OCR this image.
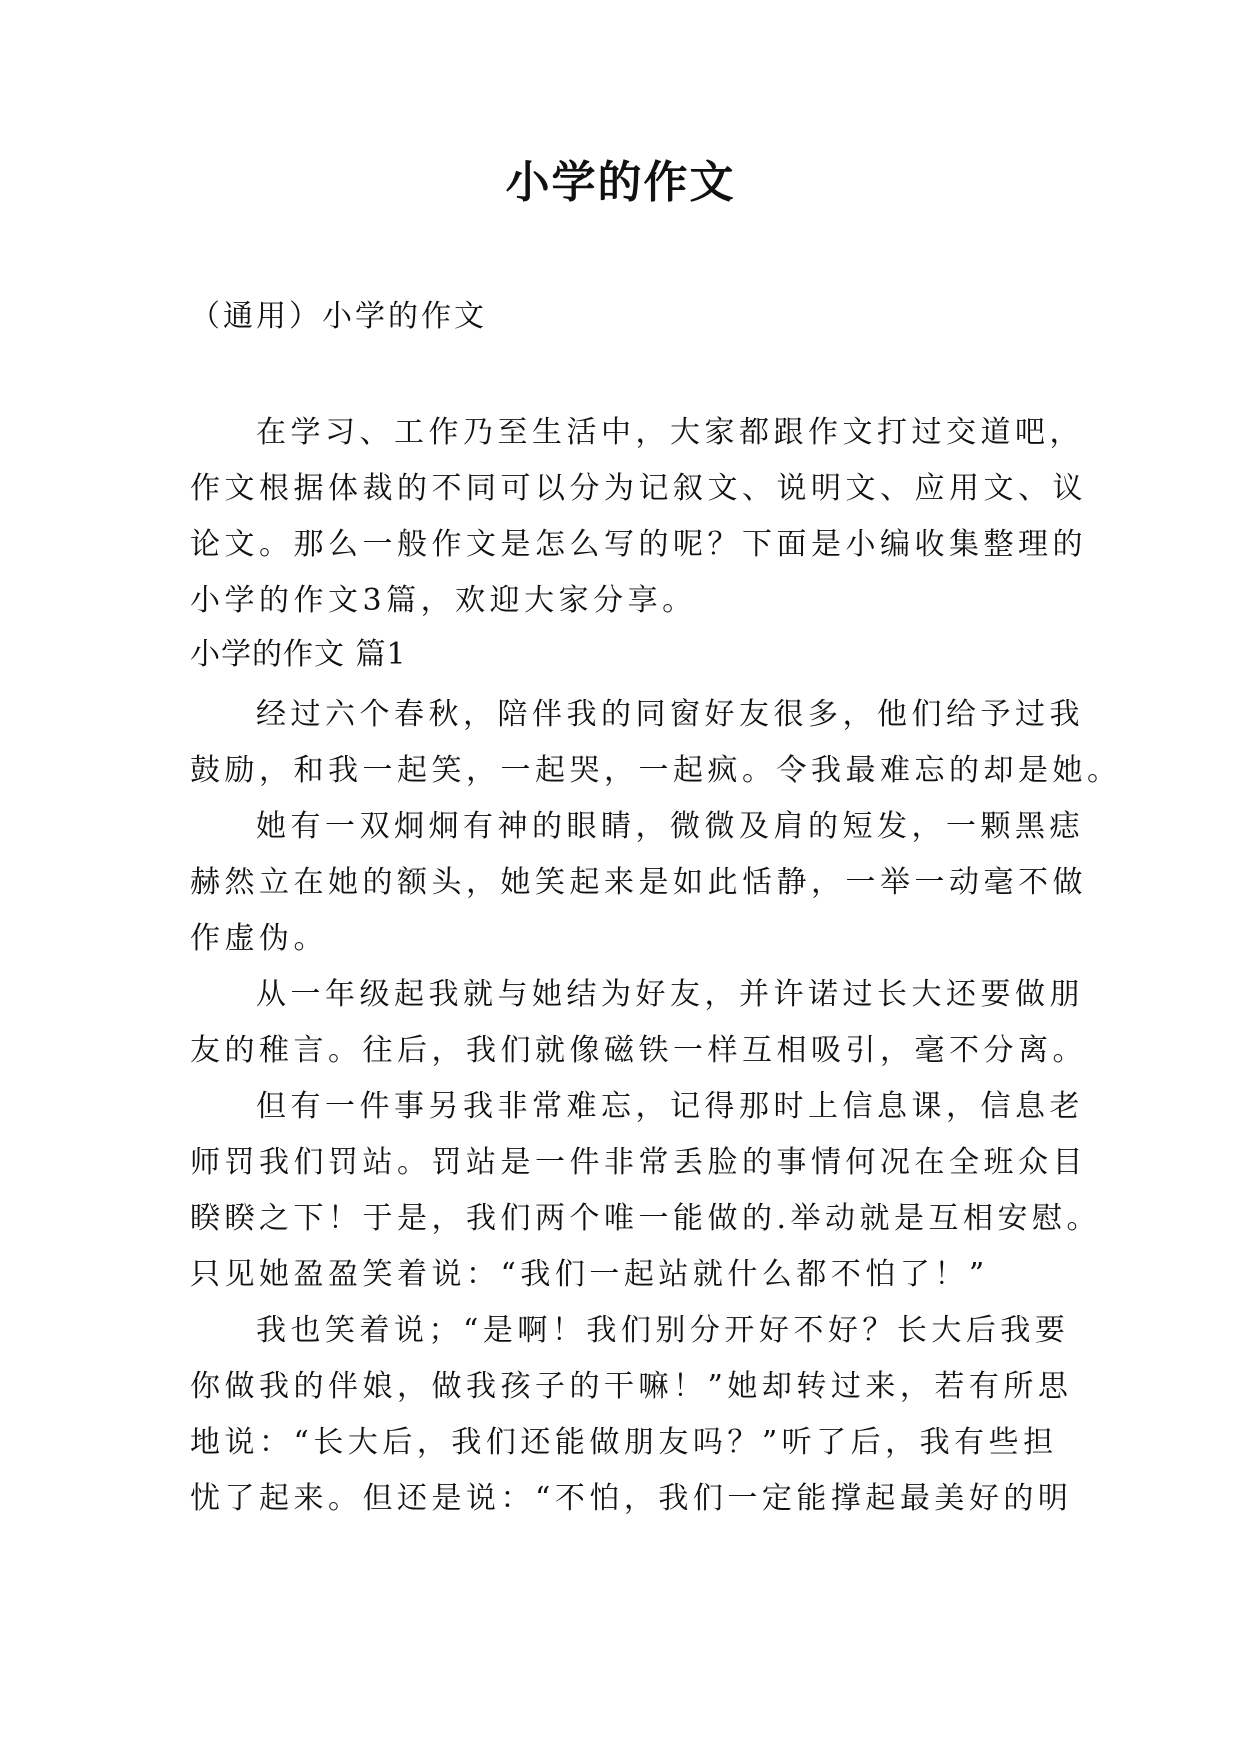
小学的作文

（通用）小学的作文

在学习、工作乃至生活中，大家都跟作文打过交道吧，

作文根据体裁的不同可以分为记叙文、说明文、应用文、议

论文。那么一般作文是怎么写的呢？下面是小编收集整理的

小学的作文3篇，欢迎大家分享。

小学的作文 篇1

经过六个春秋，陪伴我的同窗好友很多，他们给予过我

鼓励，和我一起笑，一起哭，一起疯。令我最难忘的却是她。

她有一双炯炯有神的眼睛，微微及肩的短发，一颗黑痣

赫然立在她的额头，她笑起来是如此恬静，一举一动毫不做

作虚伪。

从一年级起我就与她结为好友，并许诺过长大还要做朋

友的稚言。往后，我们就像磁铁一样互相吸引，毫不分离。

但有一件事另我非常难忘，记得那时上信息课，信息老

师罚我们罚站。罚站是一件非常丢脸的事情何况在全班众目

睽睽之下！于是，我们两个唯一能做的.举动就是互相安慰。

只见她盈盈笑着说：“我们一起站就什么都不怕了！”

我也笑着说；“是啊！我们别分开好不好？长大后我要

你做我的伴娘，做我孩子的干嘛！”她却转过来，若有所思

地说：“长大后，我们还能做朋友吗？”听了后，我有些担

忧了起来。但还是说：“不怕，我们一定能撑起最美好的明
